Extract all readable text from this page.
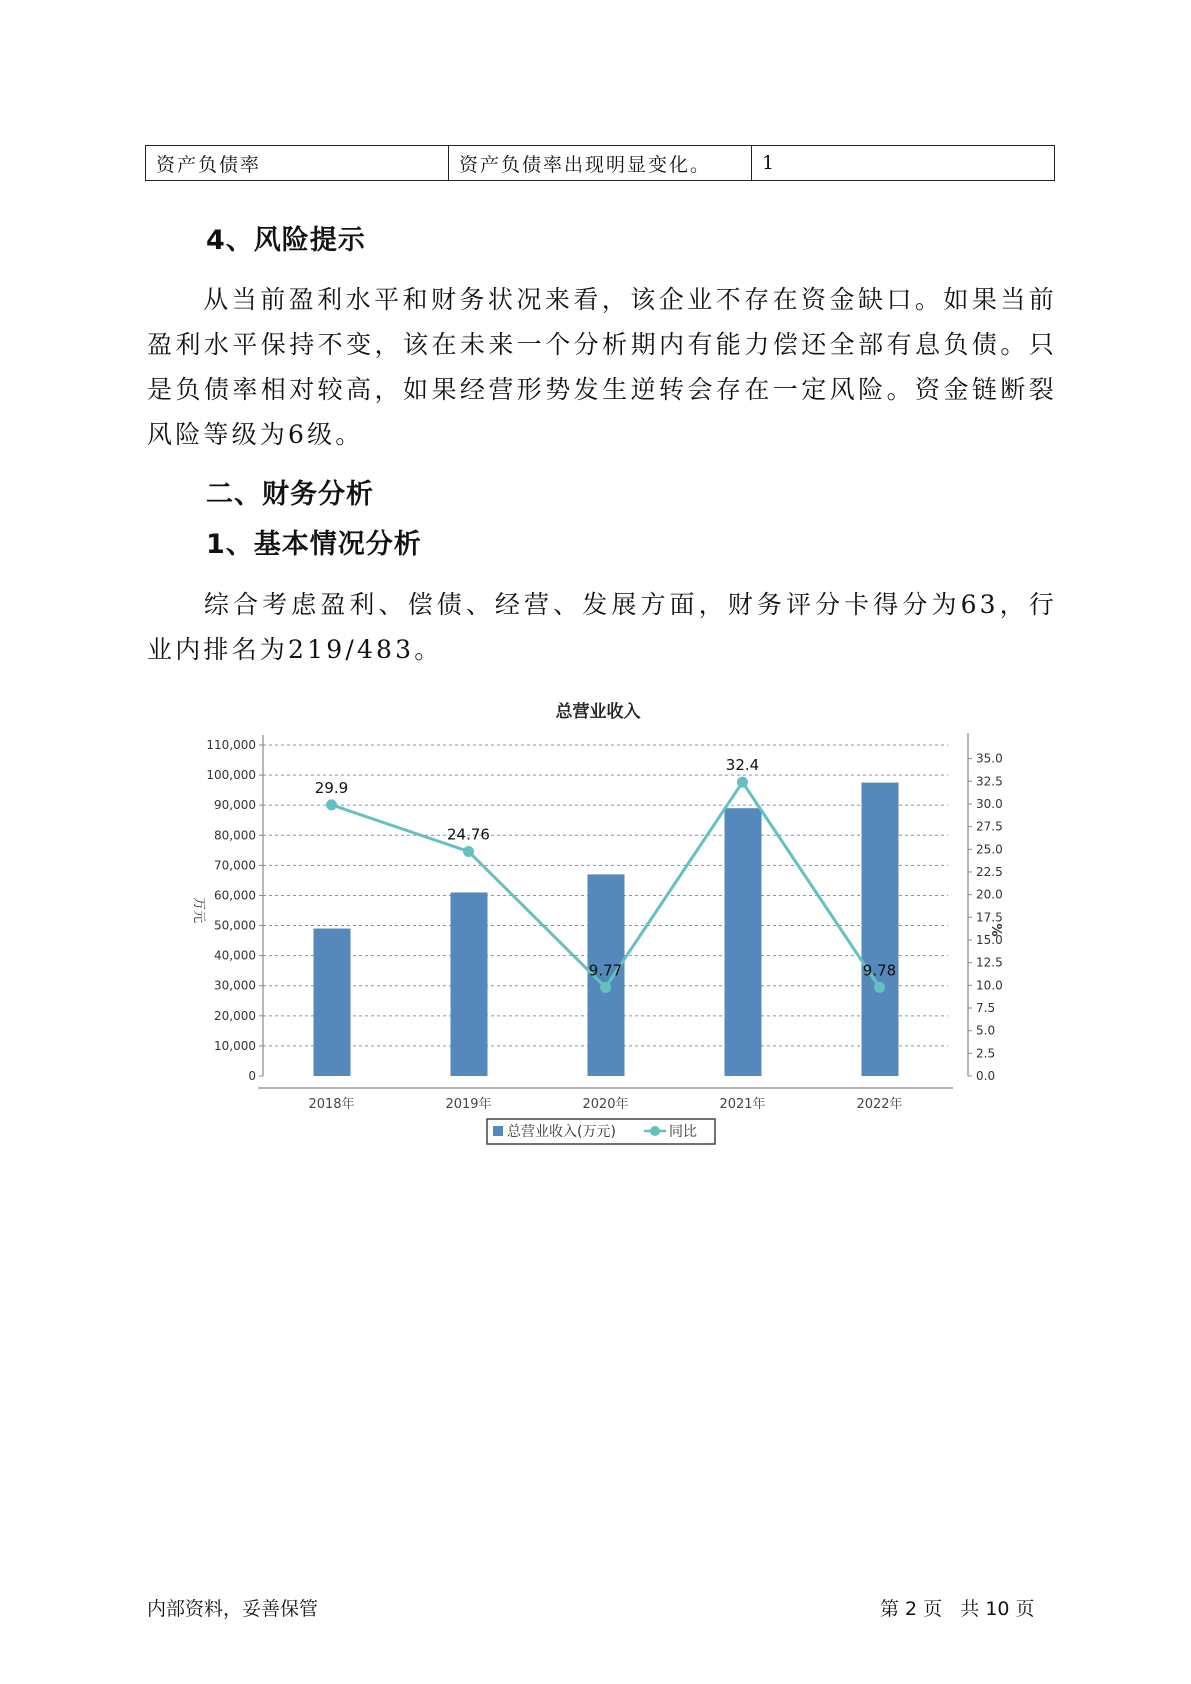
资产负债率	资产负债率出现明显变化。	1
4、风险提示
从当前盈利水平和财务状况来看，该企业不存在资金缺口。如果当前盈利水平保持不变，该在未来一个分析期内有能力偿还全部有息负债。只是负债率相对较高，如果经营形势发生逆转会存在一定风险。资金链断裂风险等级为6级。
二、财务分析
1、基本情况分析
综合考虑盈利、偿债、经营、发展方面，财务评分卡得分为63，行业内排名为219/483。
总营业收入
0
10,000
20,000
30,000
40,000
50,000
60,000
70,000
80,000
90,000
100,000
110,000
0.0
2.5
5.0
7.5
10.0
12.5
15.0
17.5
20.0
22.5
25.0
27.5
30.0
32.5
35.0
2018年	2019年	2020年	2021年	2022年
29.9
24.76
9.77
32.4
9.78
万元
%
总营业收入(万元)	同比
内部资料，妥善保管	第 2 页   共 10 页
